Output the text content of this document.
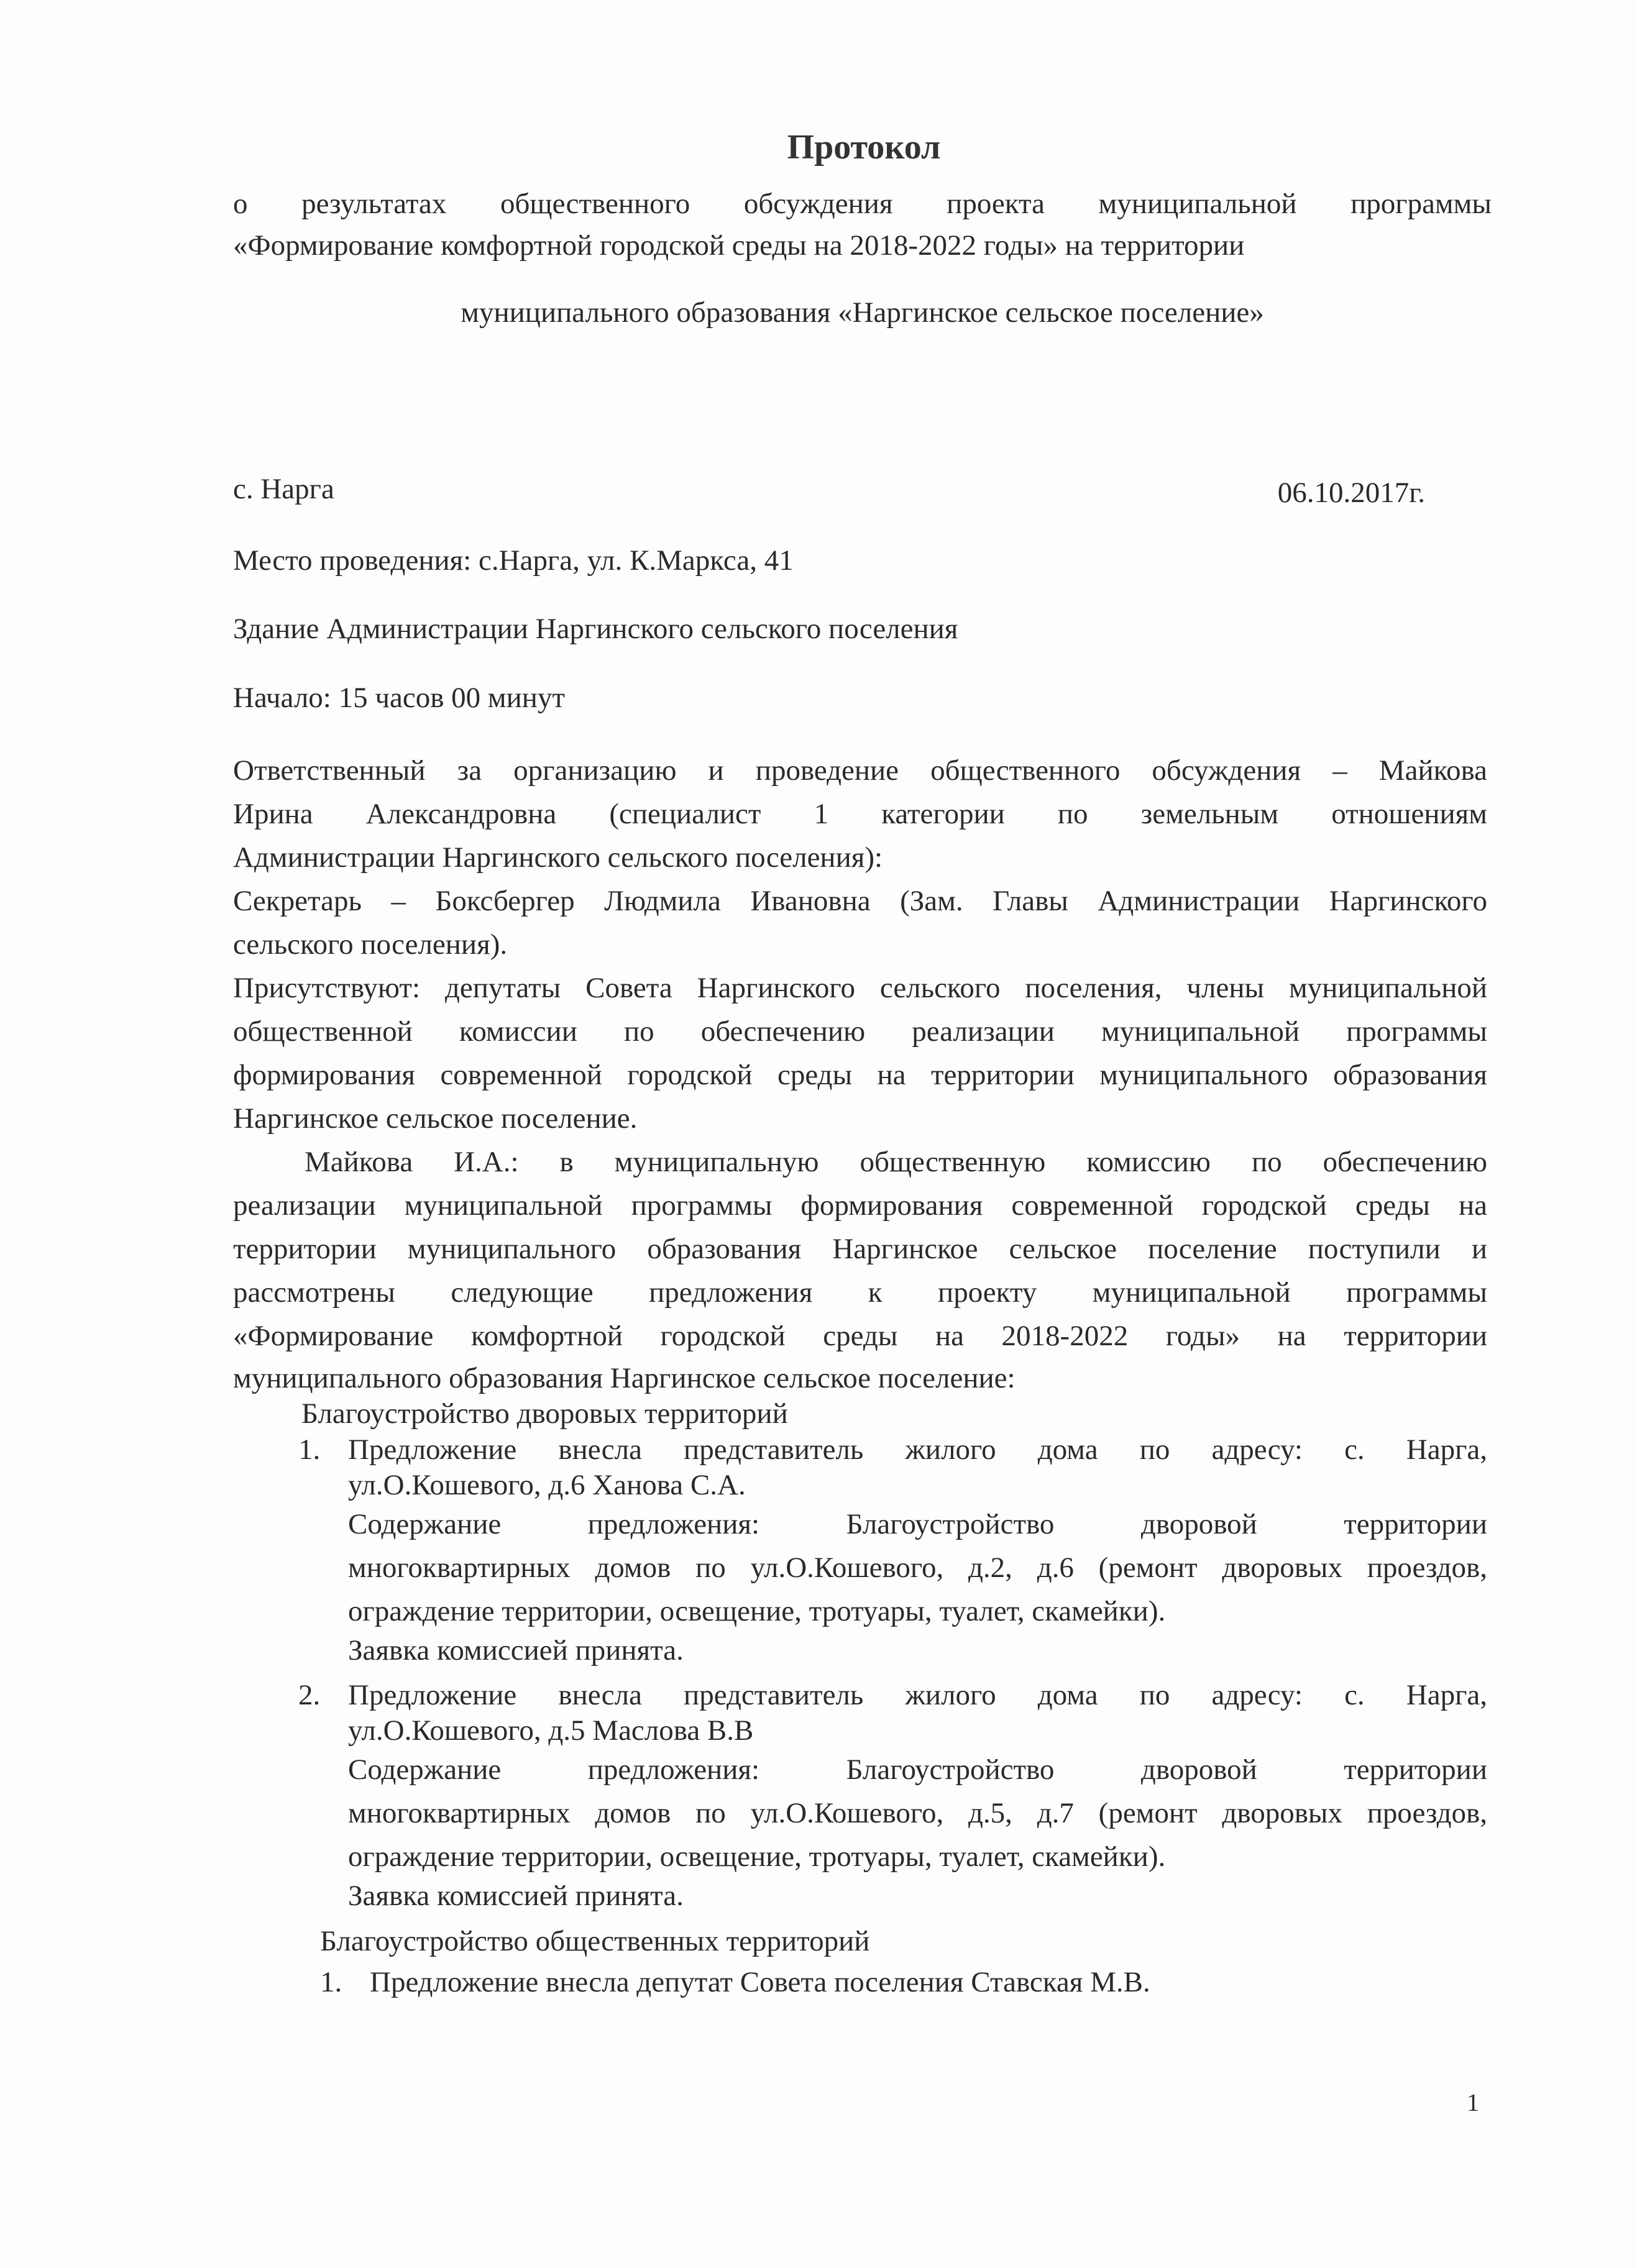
Протокол
о результатах общественного обсуждения проекта муниципальной программы
«Формирование комфортной городской среды на 2018-2022 годы» на территории
муниципального образования «Наргинское сельское поселение»
с. Нарга	06.10.2017г.
Место проведения: с.Нарга, ул. К.Маркса, 41
Здание Администрации Наргинского сельского поселения
Начало: 15 часов 00 минут
Ответственный за организацию и проведение общественного обсуждения – Майкова
Ирина Александровна (специалист 1 категории по земельным отношениям
Администрации Наргинского сельского поселения):
Секретарь – Боксбергер Людмила Ивановна (Зам. Главы Администрации Наргинского
сельского поселения).
Присутствуют: депутаты Совета Наргинского сельского поселения, члены муниципальной
общественной комиссии по обеспечению реализации муниципальной программы
формирования современной городской среды на территории муниципального образования
Наргинское сельское поселение.
Майкова И.А.: в муниципальную общественную комиссию по обеспечению
реализации муниципальной программы формирования современной городской среды на
территории муниципального образования Наргинское сельское поселение поступили и
рассмотрены следующие предложения к проекту муниципальной программы
«Формирование комфортной городской среды на 2018-2022 годы» на территории
муниципального образования Наргинское сельское поселение:
Благоустройство дворовых территорий
1. Предложение внесла представитель жилого дома по адресу: с. Нарга,
ул.О.Кошевого, д.6 Ханова С.А.
Содержание предложения: Благоустройство дворовой территории
многоквартирных домов по ул.О.Кошевого, д.2, д.6 (ремонт дворовых проездов,
ограждение территории, освещение, тротуары, туалет, скамейки).
Заявка комиссией принята.
2. Предложение внесла представитель жилого дома по адресу: с. Нарга,
ул.О.Кошевого, д.5 Маслова В.В
Содержание предложения: Благоустройство дворовой территории
многоквартирных домов по ул.О.Кошевого, д.5, д.7 (ремонт дворовых проездов,
ограждение территории, освещение, тротуары, туалет, скамейки).
Заявка комиссией принята.
Благоустройство общественных территорий
1. Предложение внесла депутат Совета поселения Ставская М.В.
1
